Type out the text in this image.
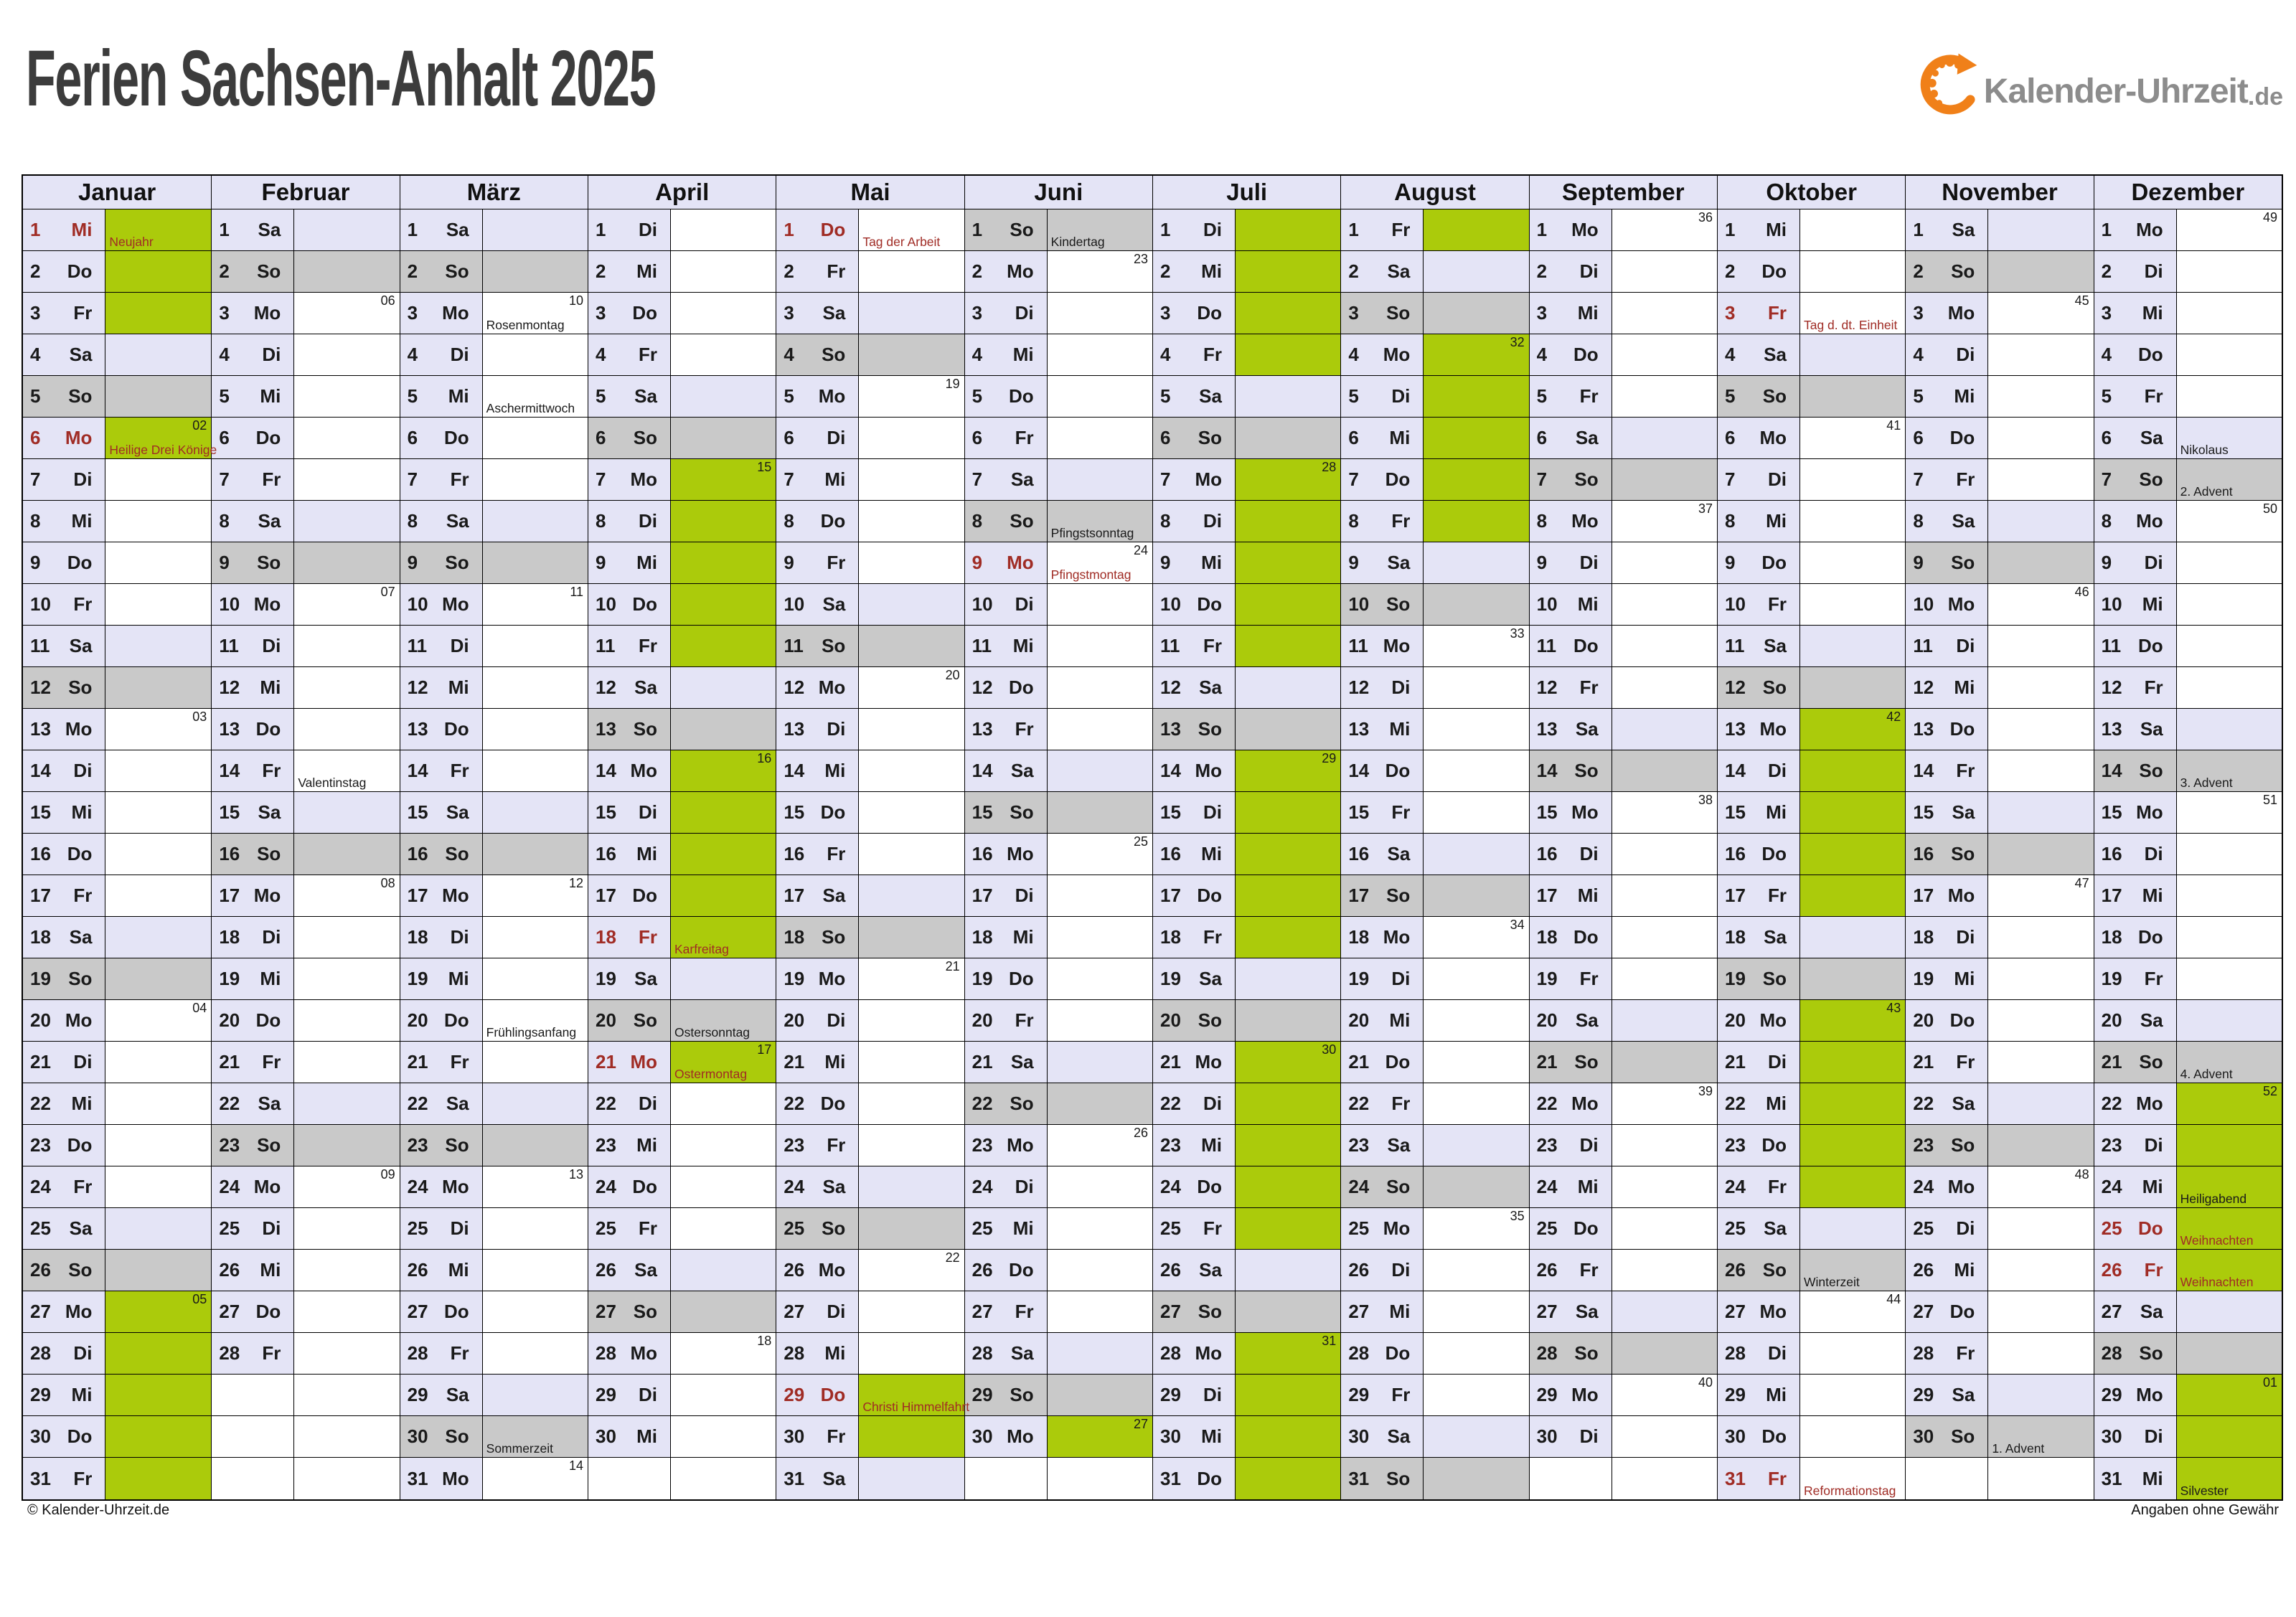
Ferien Sachsen-Anhalt 2025	Kalender-Uhrzeit .de
Januar
1 Mi
Neujahr
2 Do
3 Fr
4 Sa
5 So
6 Mo
02
Heilige Drei Könige
7 Di
8 Mi
9 Do
10 Fr
11 Sa
12 So
13 Mo
03
14 Di
15 Mi
16 Do
17 Fr
18 Sa
19 So
20 Mo
04
21 Di
22 Mi
23 Do
24 Fr
25 Sa
26 So
27 Mo
05
28 Di
29 Mi
30 Do
31 Fr
Februar
1 Sa
2 So
3 Mo
06
4 Di
5 Mi
6 Do
7 Fr
8 Sa
9 So
10 Mo
07
11 Di
12 Mi
13 Do
14 Fr
Valentinstag
15 Sa
16 So
17 Mo
08
18 Di
19 Mi
20 Do
21 Fr
22 Sa
23 So
24 Mo
09
25 Di
26 Mi
27 Do
28 Fr
März
1 Sa
2 So
3 Mo
10
Rosenmontag
4 Di
5 Mi
Aschermittwoch
6 Do
7 Fr
8 Sa
9 So
10 Mo
11
11 Di
12 Mi
13 Do
14 Fr
15 Sa
16 So
17 Mo
12
18 Di
19 Mi
20 Do
Frühlingsanfang
21 Fr
22 Sa
23 So
24 Mo
13
25 Di
26 Mi
27 Do
28 Fr
29 Sa
30 So
Sommerzeit
31 Mo
14
April
1 Di
2 Mi
3 Do
4 Fr
5 Sa
6 So
7 Mo
15
8 Di
9 Mi
10 Do
11 Fr
12 Sa
13 So
14 Mo
16
15 Di
16 Mi
17 Do
18 Fr
Karfreitag
19 Sa
20 So
Ostersonntag
21 Mo
17
Ostermontag
22 Di
23 Mi
24 Do
25 Fr
26 Sa
27 So
28 Mo
18
29 Di
30 Mi
Mai
1 Do
Tag der Arbeit
2 Fr
3 Sa
4 So
5 Mo
19
6 Di
7 Mi
8 Do
9 Fr
10 Sa
11 So
12 Mo
20
13 Di
14 Mi
15 Do
16 Fr
17 Sa
18 So
19 Mo
21
20 Di
21 Mi
22 Do
23 Fr
24 Sa
25 So
26 Mo
22
27 Di
28 Mi
29 Do
Christi Himmelfahrt
30 Fr
31 Sa
Juni
1 So
Kindertag
2 Mo
23
3 Di
4 Mi
5 Do
6 Fr
7 Sa
8 So
Pfingstsonntag
9 Mo
24
Pfingstmontag
10 Di
11 Mi
12 Do
13 Fr
14 Sa
15 So
16 Mo
25
17 Di
18 Mi
19 Do
20 Fr
21 Sa
22 So
23 Mo
26
24 Di
25 Mi
26 Do
27 Fr
28 Sa
29 So
30 Mo
27
Juli
1 Di
2 Mi
3 Do
4 Fr
5 Sa
6 So
7 Mo
28
8 Di
9 Mi
10 Do
11 Fr
12 Sa
13 So
14 Mo
29
15 Di
16 Mi
17 Do
18 Fr
19 Sa
20 So
21 Mo
30
22 Di
23 Mi
24 Do
25 Fr
26 Sa
27 So
28 Mo
31
29 Di
30 Mi
31 Do
August
1 Fr
2 Sa
3 So
4 Mo
32
5 Di
6 Mi
7 Do
8 Fr
9 Sa
10 So
11 Mo
33
12 Di
13 Mi
14 Do
15 Fr
16 Sa
17 So
18 Mo
34
19 Di
20 Mi
21 Do
22 Fr
23 Sa
24 So
25 Mo
35
26 Di
27 Mi
28 Do
29 Fr
30 Sa
31 So
September
1 Mo
36
2 Di
3 Mi
4 Do
5 Fr
6 Sa
7 So
8 Mo
37
9 Di
10 Mi
11 Do
12 Fr
13 Sa
14 So
15 Mo
38
16 Di
17 Mi
18 Do
19 Fr
20 Sa
21 So
22 Mo
39
23 Di
24 Mi
25 Do
26 Fr
27 Sa
28 So
29 Mo
40
30 Di
Oktober
1 Mi
2 Do
3 Fr
Tag d. dt. Einheit
4 Sa
5 So
6 Mo
41
7 Di
8 Mi
9 Do
10 Fr
11 Sa
12 So
13 Mo
42
14 Di
15 Mi
16 Do
17 Fr
18 Sa
19 So
20 Mo
43
21 Di
22 Mi
23 Do
24 Fr
25 Sa
26 So
Winterzeit
27 Mo
44
28 Di
29 Mi
30 Do
31 Fr
Reformationstag
November
1 Sa
2 So
3 Mo
45
4 Di
5 Mi
6 Do
7 Fr
8 Sa
9 So
10 Mo
46
11 Di
12 Mi
13 Do
14 Fr
15 Sa
16 So
17 Mo
47
18 Di
19 Mi
20 Do
21 Fr
22 Sa
23 So
24 Mo
48
25 Di
26 Mi
27 Do
28 Fr
29 Sa
30 So
1. Advent
Dezember
1 Mo
49
2 Di
3 Mi
4 Do
5 Fr
6 Sa
Nikolaus
7 So
2. Advent
8 Mo
50
9 Di
10 Mi
11 Do
12 Fr
13 Sa
14 So
3. Advent
15 Mo
51
16 Di
17 Mi
18 Do
19 Fr
20 Sa
21 So
4. Advent
22 Mo
52
23 Di
24 Mi
Heiligabend
25 Do
Weihnachten
26 Fr
Weihnachten
27 Sa
28 So
29 Mo
01
30 Di
31 Mi
Silvester
© Kalender-Uhrzeit.de	Angaben ohne Gewähr
